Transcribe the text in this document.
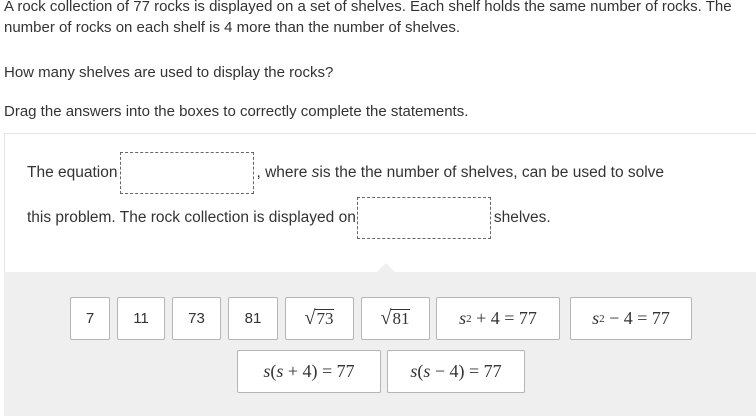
A rock collection of 77 rocks is displayed on a set of shelves. Each shelf holds the same number of rocks. The number of rocks on each shelf is 4 more than the number of shelves.

How many shelves are used to display the rocks?

Drag the answers into the boxes to correctly complete the statements.

The equation	, where
s is the the number of shelves, can be used to solve
this problem. The rock collection is displayed on	shelves.
7	11	73	81 √ 73 √ 81	s 2
+ 4 = 77	s 2
− 4 = 77
s ( s + 4) = 77	s ( s − 4) = 77
